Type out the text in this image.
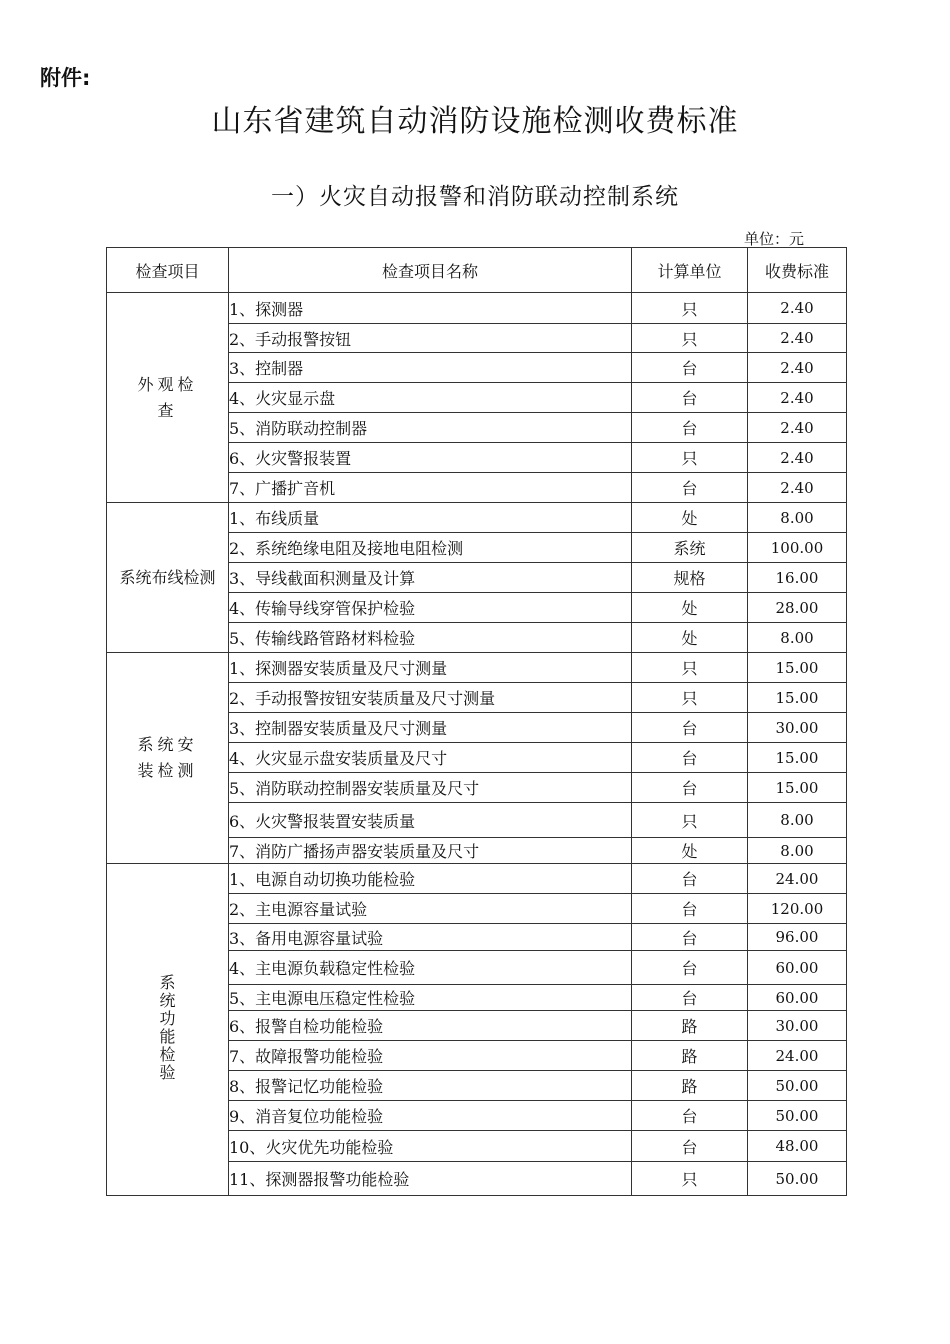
附件:
山东省建筑自动消防设施检测收费标准
一）火灾自动报警和消防联动控制系统
单位：元
检查项目	检查项目名称	计算单位	收费标准
外观检查	1、探测器	只	2.40
	2、手动报警按钮	只	2.40
	3、控制器	台	2.40
	4、火灾显示盘	台	2.40
	5、消防联动控制器	台	2.40
	6、火灾警报装置	只	2.40
	7、广播扩音机	台	2.40
系统布线检测	1、布线质量	处	8.00
	2、系统绝缘电阻及接地电阻检测	系统	100.00
	3、导线截面积测量及计算	规格	16.00
	4、传输导线穿管保护检验	处	28.00
	5、传输线路管路材料检验	处	8.00
系统安装检测	1、探测器安装质量及尺寸测量	只	15.00
	2、手动报警按钮安装质量及尺寸测量	只	15.00
	3、控制器安装质量及尺寸测量	台	30.00
	4、火灾显示盘安装质量及尺寸	台	15.00
	5、消防联动控制器安装质量及尺寸	台	15.00
	6、火灾警报装置安装质量	只	8.00
	7、消防广播扬声器安装质量及尺寸	处	8.00
系统功能检验	1、电源自动切换功能检验	台	24.00
	2、主电源容量试验	台	120.00
	3、备用电源容量试验	台	96.00
	4、主电源负载稳定性检验	台	60.00
	5、主电源电压稳定性检验	台	60.00
	6、报警自检功能检验	路	30.00
	7、故障报警功能检验	路	24.00
	8、报警记忆功能检验	路	50.00
	9、消音复位功能检验	台	50.00
	10、火灾优先功能检验	台	48.00
	11、探测器报警功能检验	只	50.00
